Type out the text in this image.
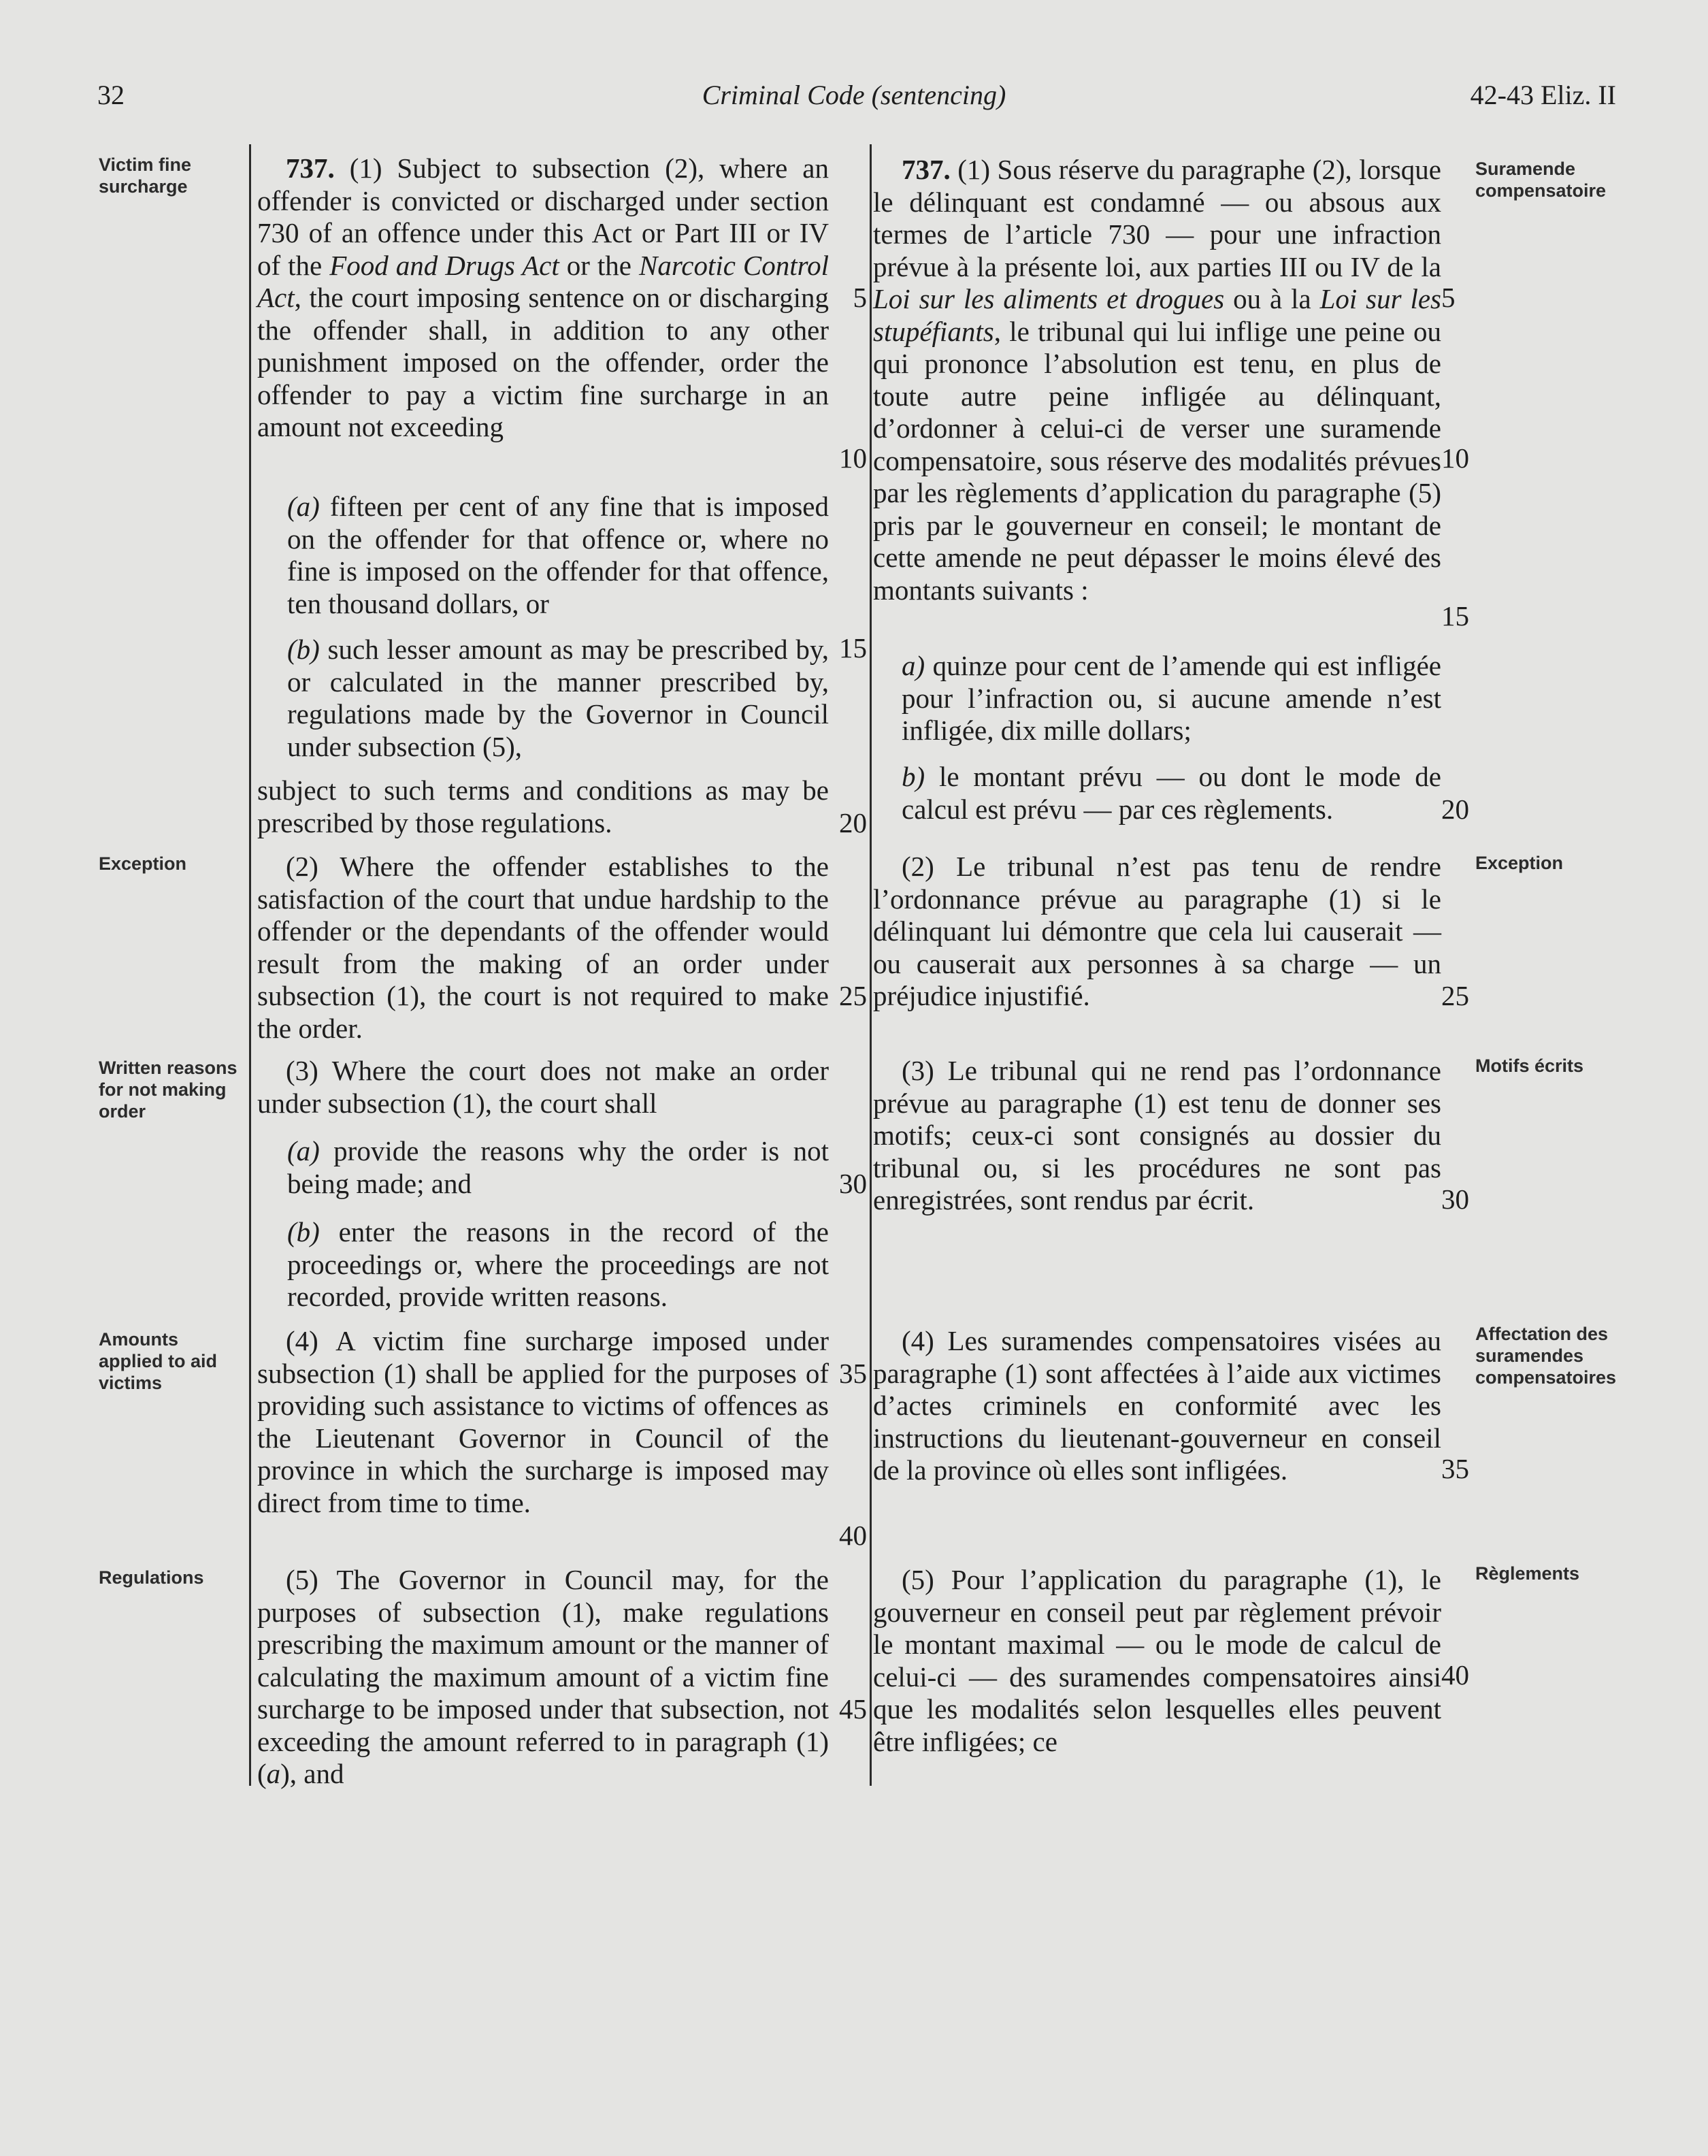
32	Criminal Code (sentencing)	42-43 Eliz. II
Victim fine surcharge
Exception
Written reasons for not making order
Amounts applied to aid victims
Regulations
Suramende compensatoire
Exception
Motifs écrits
Affectation des suramendes compensatoires
Règlements

737. (1) Subject to subsection (2), where an offender is convicted or discharged under section 730 of an offence under this Act or Part III or IV of the Food and Drugs Act or the Narcotic Control Act, the court imposing sentence on or discharging the offender shall, in addition to any other punishment imposed on the offender, order the offender to pay a victim fine surcharge in an amount not exceeding

(a) fifteen per cent of any fine that is imposed on the offender for that offence or, where no fine is imposed on the offender for that offence, ten thousand dollars, or

(b) such lesser amount as may be prescribed by, or calculated in the manner prescribed by, regulations made by the Governor in Council under subsection (5),

subject to such terms and conditions as may be prescribed by those regulations.

(2) Where the offender establishes to the satisfaction of the court that undue hardship to the offender or the dependants of the offender would result from the making of an order under subsection (1), the court is not required to make the order.

(3) Where the court does not make an order under subsection (1), the court shall

(a) provide the reasons why the order is not being made; and

(b) enter the reasons in the record of the proceedings or, where the proceedings are not recorded, provide written reasons.

(4) A victim fine surcharge imposed under subsection (1) shall be applied for the purposes of providing such assistance to victims of offences as the Lieutenant Governor in Council of the province in which the surcharge is imposed may direct from time to time.

(5) The Governor in Council may, for the purposes of subsection (1), make regulations prescribing the maximum amount or the manner of calculating the maximum amount of a victim fine surcharge to be imposed under that subsection, not exceeding the amount referred to in paragraph (1)(a), and

5
10
15
20
25
30
35
40
45

737. (1) Sous réserve du paragraphe (2), lorsque le délinquant est condamné — ou absous aux termes de l’article 730 — pour une infraction prévue à la présente loi, aux parties III ou IV de la Loi sur les aliments et drogues ou à la Loi sur les stupéfiants, le tribunal qui lui inflige une peine ou qui prononce l’absolution est tenu, en plus de toute autre peine infligée au délinquant, d’ordonner à celui-ci de verser une suramende compensatoire, sous réserve des modalités prévues par les règlements d’application du paragraphe (5) pris par le gouverneur en conseil; le montant de cette amende ne peut dépasser le moins élevé des montants suivants :

a) quinze pour cent de l’amende qui est infligée pour l’infraction ou, si aucune amende n’est infligée, dix mille dollars;

b) le montant prévu — ou dont le mode de calcul est prévu — par ces règlements.

(2) Le tribunal n’est pas tenu de rendre l’ordonnance prévue au paragraphe (1) si le délinquant lui démontre que cela lui causerait — ou causerait aux personnes à sa charge — un préjudice injustifié.

(3) Le tribunal qui ne rend pas l’ordonnance prévue au paragraphe (1) est tenu de donner ses motifs; ceux-ci sont consignés au dossier du tribunal ou, si les procédures ne sont pas enregistrées, sont rendus par écrit.

(4) Les suramendes compensatoires visées au paragraphe (1) sont affectées à l’aide aux victimes d’actes criminels en conformité avec les instructions du lieutenant-gouverneur en conseil de la province où elles sont infligées.

(5) Pour l’application du paragraphe (1), le gouverneur en conseil peut par règlement prévoir le montant maximal — ou le mode de calcul de celui-ci — des suramendes compensatoires ainsi que les modalités selon lesquelles elles peuvent être infligées; ce

5
10
15
20
25
30
35
40
